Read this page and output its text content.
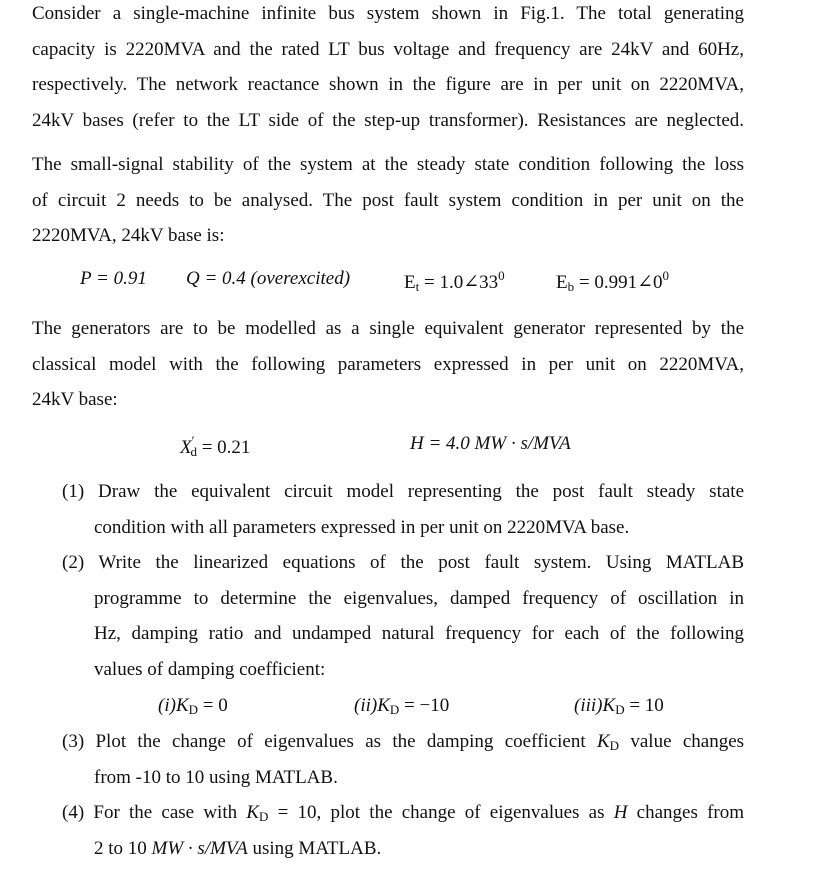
Consider a single-machine infinite bus system shown in Fig.1. The total generating
capacity is 2220MVA and the rated LT bus voltage and frequency are 24kV and 60Hz,
respectively. The network reactance shown in the figure are in per unit on 2220MVA,
24kV bases (refer to the LT side of the step-up transformer). Resistances are neglected.
The small-signal stability of the system at the steady state condition following the loss
of circuit 2 needs to be analysed. The post fault system condition in per unit on the
2220MVA, 24kV base is:
P = 0.91 Q = 0.4 (overexcited)	$E_t$ = $1.0\angle 33^0$	$E_b$ = $0.991\angle 0^0$
The generators are to be modelled as a single equivalent generator represented by the
classical model with the following parameters expressed in per unit on 2220MVA,
24kV base:
$X'_d = 0.21$	H = 4.0 MW · s/MVA
(1) Draw the equivalent circuit model representing the post fault steady state
condition with all parameters expressed in per unit on 2220MVA base.
(2) Write the linearized equations of the post fault system. Using MATLAB
programme to determine the eigenvalues, damped frequency of oscillation in
Hz, damping ratio and undamped natural frequency for each of the following
values of damping coefficient:
$(i)K_D = 0$	$(ii)K_D = -10$	$(iii)K_D = 10$
(3) Plot the change of eigenvalues as the damping coefficient $K_D$ value changes
from -10 to 10 using MATLAB.
(4) For the case with $K_D = 10$, plot the change of eigenvalues as H changes from
2 to 10 MW · s/MVA using MATLAB.
